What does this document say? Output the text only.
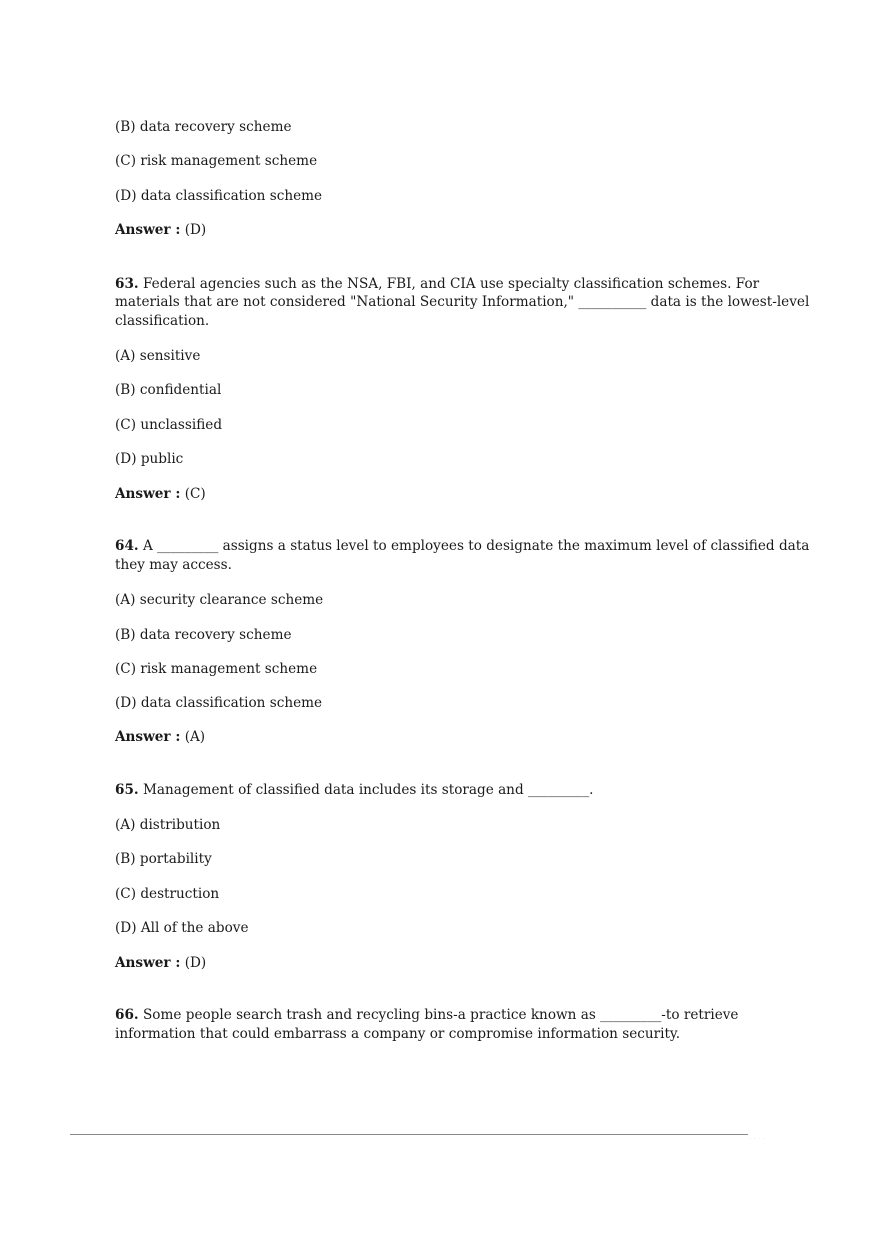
(B) data recovery scheme
(C) risk management scheme
(D) data classification scheme
Answer : (D)
63. Federal agencies such as the NSA, FBI, and CIA use specialty classification schemes. For
materials that are not considered "National Security Information," __________ data is the lowest-level
classification.
(A) sensitive
(B) confidential
(C) unclassified
(D) public
Answer : (C)
64. A _________ assigns a status level to employees to designate the maximum level of classified data
they may access.
(A) security clearance scheme
(B) data recovery scheme
(C) risk management scheme
(D) data classification scheme
Answer : (A)
65. Management of classified data includes its storage and _________.
(A) distribution
(B) portability
(C) destruction
(D) All of the above
Answer : (D)
66. Some people search trash and recycling bins-a practice known as _________-to retrieve
information that could embarrass a company or compromise information security.
· · · ·
